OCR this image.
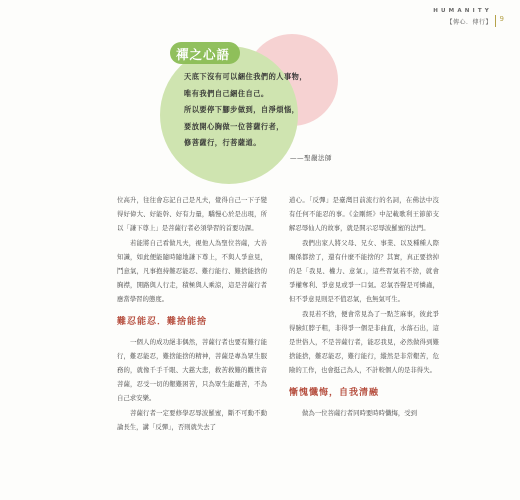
HUMANITY
【傳心．傳行】 9
禪之心語
天底下沒有可以綑住我們的人事物，
唯有我們自己綑住自己。
所以要停下腳步做到，自淨煩惱，
要放開心胸做一位菩薩行者，
修菩薩行，行菩薩道。
——聖嚴法師

位高升，往往會忘記自己是凡夫，覺得自己一下子變得好偉大、好能幹、好有力量，驕慢心於是出現，所以「謙下尊上」是菩薩行者必須學習的首要功課。

若能將自己看做凡夫，視他人為聖位菩薩，大善知識，如此便能隨時隨地謙下尊上，不與人爭意見，鬥意氣，凡事抱持難忍能忍、難行能行、難捨能捨的胸襟，開路與人行走，積極與人乘涼，這是菩薩行者應當學習的態度。

難忍能忍．難捨能捨

一個人的成功絕非偶然，菩薩行者也要有難行能行，難忍能忍，難捨能捨的精神，菩薩是專為眾生服務的，就像千手千眼、大慈大悲，救苦救難的觀世音菩薩，忍受一切的艱難困苦，只為眾生能離苦，不為自己求安樂。

菩薩行者一定要修學忍辱波羅蜜，斷不可動不動論長生，講「反彈」，否則就失去了

道心。「反彈」是臺灣目前流行的名詞，在佛法中沒有任何不能忍的事。《金剛經》中記載歌利王節節支解忍辱仙人的故事，就是開示忍辱波羅蜜的法門。

我們出家人將父母、兄女、事業、以及種種人際關係都捨了，還有什麼不能捨的？其實，真正要捨掉的是「我見、權力、意氣」，這些習氣若不捨，就會爭權奪利、爭意見或爭一口氣。忍氣吞聲是可憐蟲，但不爭意見則是不值忍氣，也無氣可生。

我見若不捨，便會常見為了一點芝麻事，彼此爭得臉紅脖子粗，非得爭一個是非曲直，水落石出，這是世俗人，不是菩薩行者，能忍我見，必然做得到難捨能捨，難忍能忍，難行能行，縱然是非常艱苦，危險的工作，也會挺己為人，不計較個人的是非得失。

慚愧懺悔，自我清融

做為一位菩薩行者同時要時時懺悔，受到
